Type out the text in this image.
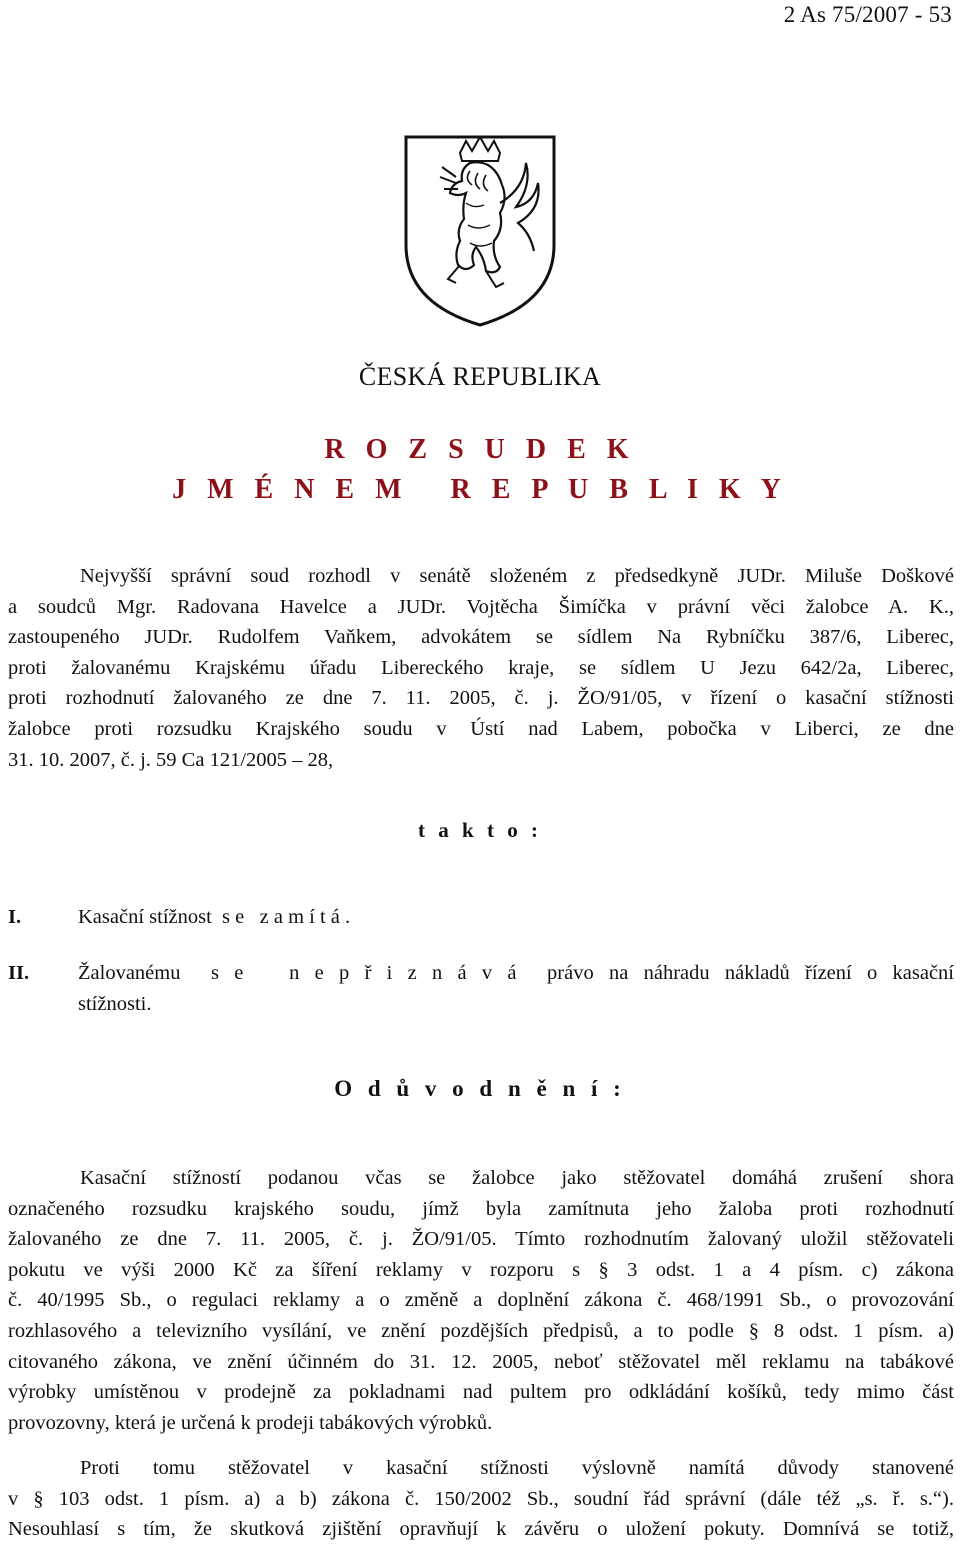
2 As 75/2007 - 53
ČESKÁ REPUBLIKA
R O Z S U D E K
J M É N E M   R E P U B L I K Y
Nejvyšší správní soud rozhodl v senátě složeném z předsedkyně JUDr. Miluše Doškové
a soudců Mgr. Radovana Havelce a JUDr. Vojtěcha Šimíčka v právní věci žalobce A. K.,
zastoupeného JUDr. Rudolfem Vaňkem, advokátem se sídlem Na Rybníčku 387/6, Liberec,
proti žalovanému Krajskému úřadu Libereckého kraje, se sídlem U Jezu 642/2a, Liberec,
proti rozhodnutí žalovaného ze dne 7. 11. 2005, č. j. ŽO/91/05, v řízení o kasační stížnosti
žalobce proti rozsudku Krajského soudu v Ústí nad Labem, pobočka v Liberci, ze dne
31. 10. 2007, č. j. 59 Ca 121/2005 – 28,
t a k t o :
I.	Kasační stížnost  s e   z a m í t á .
II. Žalovanému  s e   n e p ř i z n á v á  právo na náhradu nákladů řízení o kasační
stížnosti.
O d ů v o d n ě n í :
Kasační stížností podanou včas se žalobce jako stěžovatel domáhá zrušení shora
označeného rozsudku krajského soudu, jímž byla zamítnuta jeho žaloba proti rozhodnutí
žalovaného ze dne 7. 11. 2005, č. j. ŽO/91/05. Tímto rozhodnutím žalovaný uložil stěžovateli
pokutu ve výši 2000 Kč za šíření reklamy v rozporu s § 3 odst. 1 a 4 písm. c) zákona
č. 40/1995 Sb., o regulaci reklamy a o změně a doplnění zákona č. 468/1991 Sb., o provozování
rozhlasového a televizního vysílání, ve znění pozdějších předpisů, a to podle § 8 odst. 1 písm. a)
citovaného zákona, ve znění účinném do 31. 12. 2005, neboť stěžovatel měl reklamu na tabákové
výrobky umístěnou v prodejně za pokladnami nad pultem pro odkládání košíků, tedy mimo část
provozovny, která je určená k prodeji tabákových výrobků.
Proti tomu stěžovatel v kasační stížnosti výslovně namítá důvody stanovené
v § 103 odst. 1 písm. a) a b) zákona č. 150/2002 Sb., soudní řád správní (dále též „s. ř. s.“).
Nesouhlasí s tím, že skutková zjištění opravňují k závěru o uložení pokuty. Domnívá se totiž,
